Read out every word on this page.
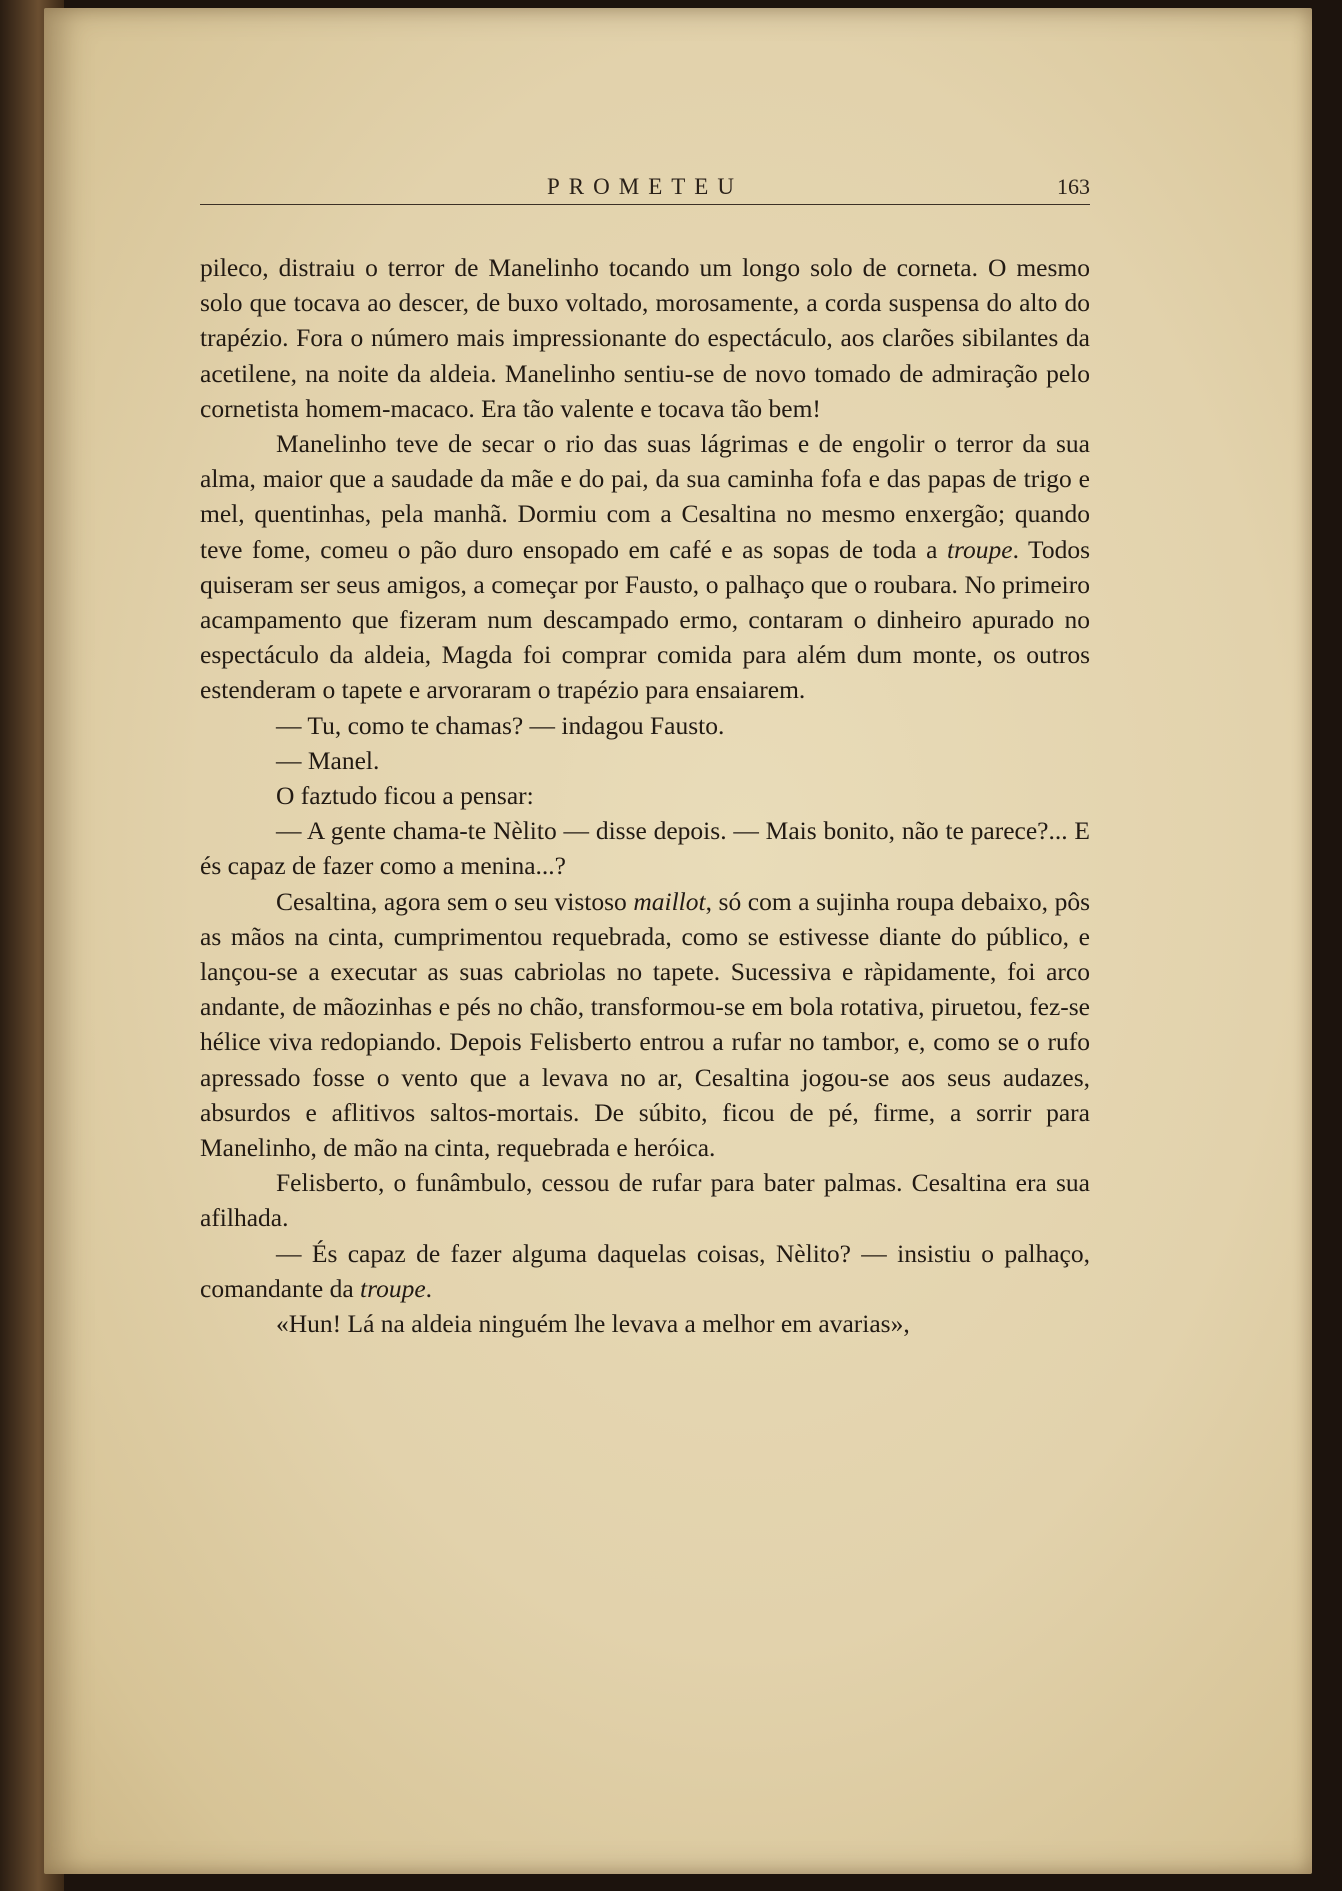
PROMETEU	163

pileco, distraiu o terror de Manelinho tocando um longo solo de corneta. O mesmo solo que tocava ao descer, de buxo voltado, morosamente, a corda suspensa do alto do trapézio. Fora o número mais impressionante do espectáculo, aos clarões sibilantes da acetilene, na noite da aldeia. Manelinho sentiu-se de novo tomado de admiração pelo cornetista homem-macaco. Era tão valente e tocava tão bem!

Manelinho teve de secar o rio das suas lágrimas e de engolir o terror da sua alma, maior que a saudade da mãe e do pai, da sua caminha fofa e das papas de trigo e mel, quentinhas, pela manhã. Dormiu com a Cesaltina no mesmo enxergão; quando teve fome, comeu o pão duro ensopado em café e as sopas de toda a troupe. Todos quiseram ser seus amigos, a começar por Fausto, o palhaço que o roubara. No primeiro acampamento que fizeram num descampado ermo, contaram o dinheiro apurado no espectáculo da aldeia, Magda foi comprar comida para além dum monte, os outros estenderam o tapete e arvoraram o trapézio para ensaiarem.

— Tu, como te chamas? — indagou Fausto.

— Manel.

O faztudo ficou a pensar:

— A gente chama-te Nèlito — disse depois. — Mais bonito, não te parece?... E és capaz de fazer como a menina...?

Cesaltina, agora sem o seu vistoso maillot, só com a sujinha roupa debaixo, pôs as mãos na cinta, cumprimentou requebrada, como se estivesse diante do público, e lançou-se a executar as suas cabriolas no tapete. Sucessiva e ràpidamente, foi arco andante, de mãozinhas e pés no chão, transformou-se em bola rotativa, piruetou, fez-se hélice viva redopiando. Depois Felisberto entrou a rufar no tambor, e, como se o rufo apressado fosse o vento que a levava no ar, Cesaltina jogou-se aos seus audazes, absurdos e aflitivos saltos-mortais. De súbito, ficou de pé, firme, a sorrir para Manelinho, de mão na cinta, requebrada e heróica.

Felisberto, o funâmbulo, cessou de rufar para bater palmas. Cesaltina era sua afilhada.

— És capaz de fazer alguma daquelas coisas, Nèlito? — insistiu o palhaço, comandante da troupe.

«Hun! Lá na aldeia ninguém lhe levava a melhor em avarias»,
